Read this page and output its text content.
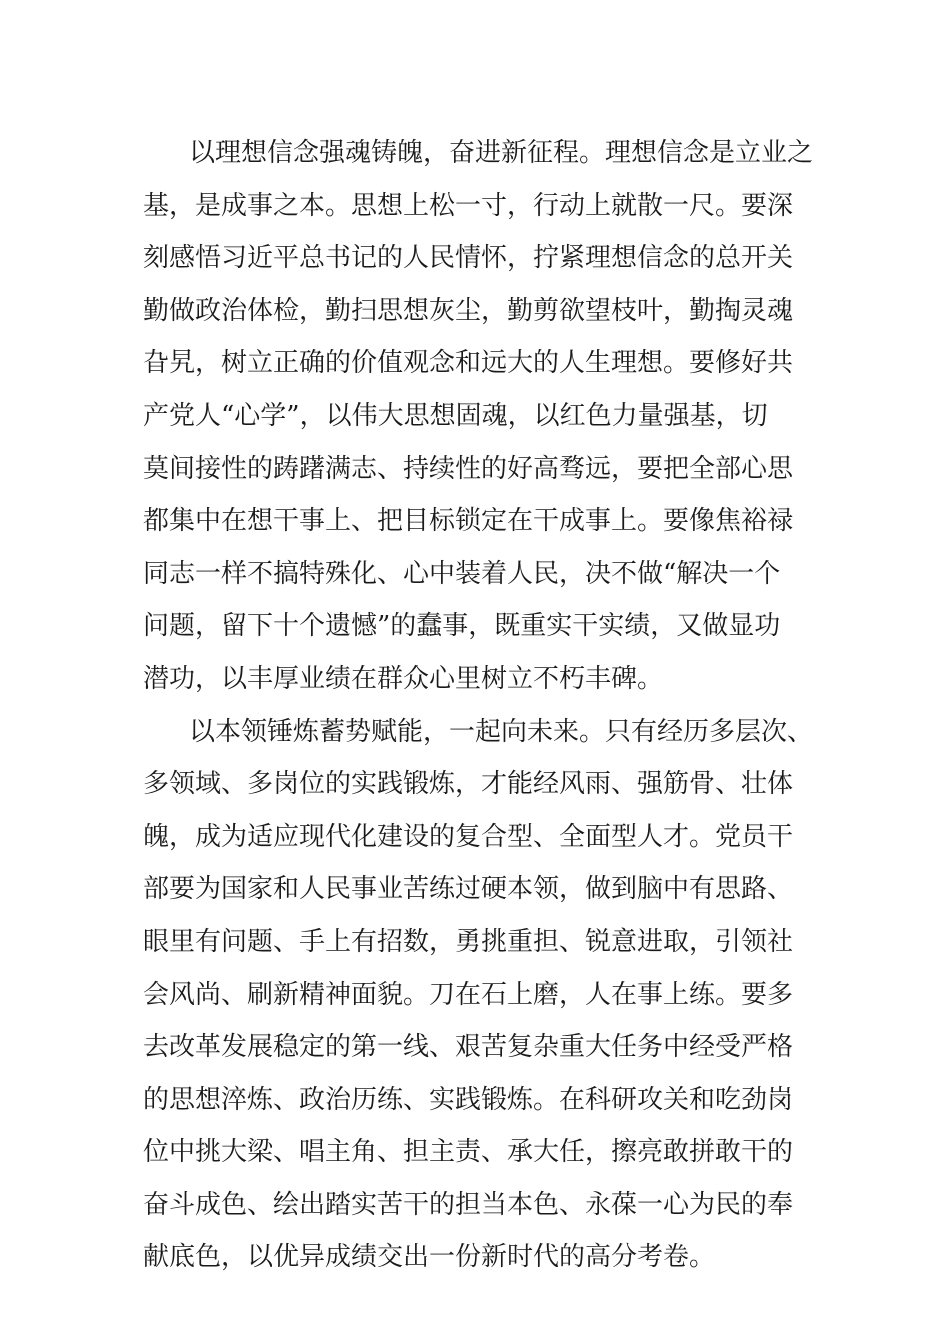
以理想信念强魂铸魄，奋进新征程。理想信念是立业之
基，是成事之本。思想上松一寸，行动上就散一尺。要深
刻感悟习近平总书记的人民情怀，拧紧理想信念的总开关
勤做政治体检，勤扫思想灰尘，勤剪欲望枝叶，勤掏灵魂
旮旯，树立正确的价值观念和远大的人生理想。要修好共
产党人“心学”，以伟大思想固魂，以红色力量强基，切
莫间接性的踌躇满志、持续性的好高骛远，要把全部心思
都集中在想干事上、把目标锁定在干成事上。要像焦裕禄
同志一样不搞特殊化、心中装着人民，决不做“解决一个
问题，留下十个遗憾”的蠢事，既重实干实绩，又做显功
潜功，以丰厚业绩在群众心里树立不朽丰碑。
以本领锤炼蓄势赋能，一起向未来。只有经历多层次、
多领域、多岗位的实践锻炼，才能经风雨、强筋骨、壮体
魄，成为适应现代化建设的复合型、全面型人才。党员干
部要为国家和人民事业苦练过硬本领，做到脑中有思路、
眼里有问题、手上有招数，勇挑重担、锐意进取，引领社
会风尚、刷新精神面貌。刀在石上磨，人在事上练。要多
去改革发展稳定的第一线、艰苦复杂重大任务中经受严格
的思想淬炼、政治历练、实践锻炼。在科研攻关和吃劲岗
位中挑大梁、唱主角、担主责、承大任，擦亮敢拼敢干的
奋斗成色、绘出踏实苦干的担当本色、永葆一心为民的奉
献底色，以优异成绩交出一份新时代的高分考卷。
